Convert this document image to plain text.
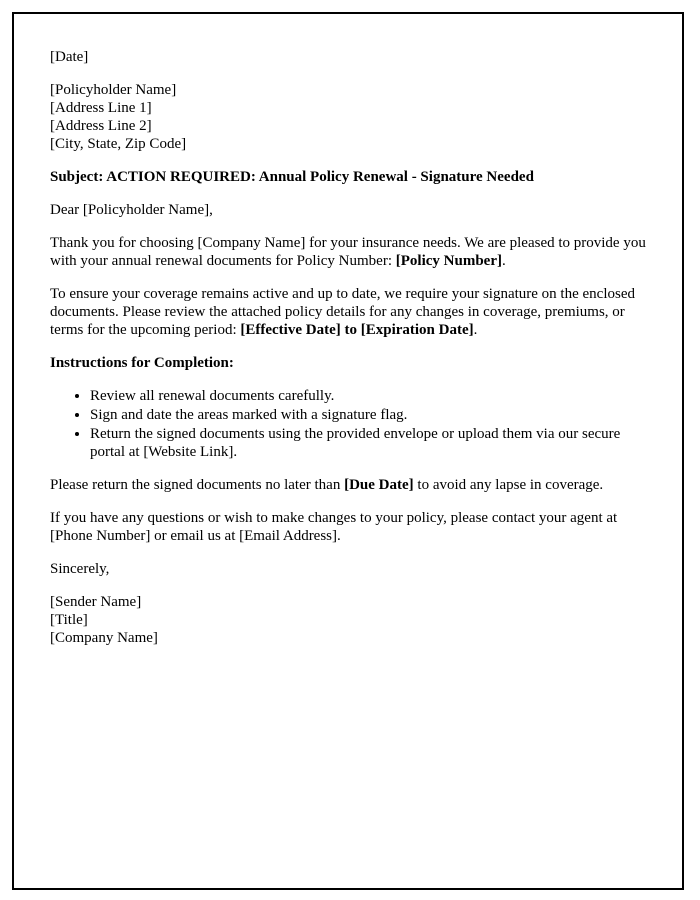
[Date]

[Policyholder Name]

[Address Line 1]

[Address Line 2]

[City, State, Zip Code]

Subject: ACTION REQUIRED: Annual Policy Renewal - Signature Needed

Dear [Policyholder Name],

Thank you for choosing [Company Name] for your insurance needs. We are pleased to provide you with your annual renewal documents for Policy Number: [Policy Number].

To ensure your coverage remains active and up to date, we require your signature on the enclosed documents. Please review the attached policy details for any changes in coverage, premiums, or terms for the upcoming period: [Effective Date] to [Expiration Date].

Instructions for Completion:

• Review all renewal documents carefully.
• Sign and date the areas marked with a signature flag.
• Return the signed documents using the provided envelope or upload them via our secure portal at [Website Link].

Please return the signed documents no later than [Due Date] to avoid any lapse in coverage.

If you have any questions or wish to make changes to your policy, please contact your agent at [Phone Number] or email us at [Email Address].

Sincerely,

[Sender Name]

[Title]

[Company Name]
